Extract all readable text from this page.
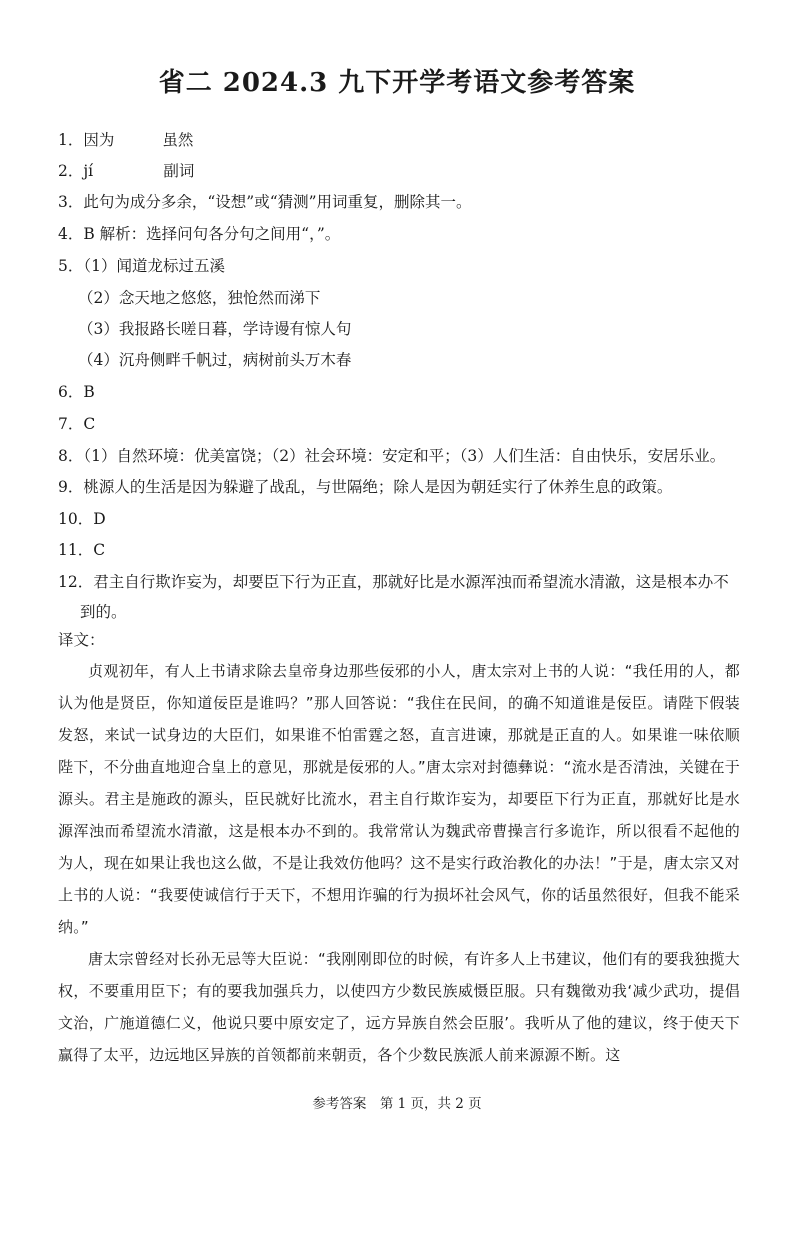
省二 2024.3 九下开学考语文参考答案

1．因为	虽然

2．jí	副词

3．此句为成分多余，“设想”或“猜测”用词重复，删除其一。

4．B 解析：选择问句各分句之间用“，”。

5．（1）闻道龙标过五溪

（2）念天地之悠悠，独怆然而涕下

（3）我报路长嗟日暮，学诗谩有惊人句

（4）沉舟侧畔千帆过，病树前头万木春

6．B

7．C

8．（1）自然环境：优美富饶；（2）社会环境：安定和平；（3）人们生活：自由快乐，安居乐业。

9．桃源人的生活是因为躲避了战乱，与世隔绝；除人是因为朝廷实行了休养生息的政策。

10．D

11．C

12．君主自行欺诈妄为，却要臣下行为正直，那就好比是水源浑浊而希望流水清澈，这是根本办不

到的。

译文：

贞观初年，有人上书请求除去皇帝身边那些佞邪的小人，唐太宗对上书的人说：“我任用的人，都认为他是贤臣，你知道佞臣是谁吗？”那人回答说：“我住在民间，的确不知道谁是佞臣。请陛下假装发怒，来试一试身边的大臣们，如果谁不怕雷霆之怒，直言进谏，那就是正直的人。如果谁一味依顺陛下，不分曲直地迎合皇上的意见，那就是佞邪的人。”唐太宗对封德彝说：“流水是否清浊，关键在于源头。君主是施政的源头，臣民就好比流水，君主自行欺诈妄为，却要臣下行为正直，那就好比是水源浑浊而希望流水清澈，这是根本办不到的。我常常认为魏武帝曹操言行多诡诈，所以很看不起他的为人，现在如果让我也这么做，不是让我效仿他吗？这不是实行政治教化的办法！”于是，唐太宗又对上书的人说：“我要使诚信行于天下，不想用诈骗的行为损坏社会风气，你的话虽然很好，但我不能采纳。”

唐太宗曾经对长孙无忌等大臣说：“我刚刚即位的时候，有许多人上书建议，他们有的要我独揽大权，不要重用臣下；有的要我加强兵力，以使四方少数民族威慑臣服。只有魏徵劝我‘减少武功，提倡文治，广施道德仁义，他说只要中原安定了，远方异族自然会臣服’。我听从了他的建议，终于使天下赢得了太平，边远地区异族的首领都前来朝贡，各个少数民族派人前来源源不断。这

参考答案　第 1 页，共 2 页
